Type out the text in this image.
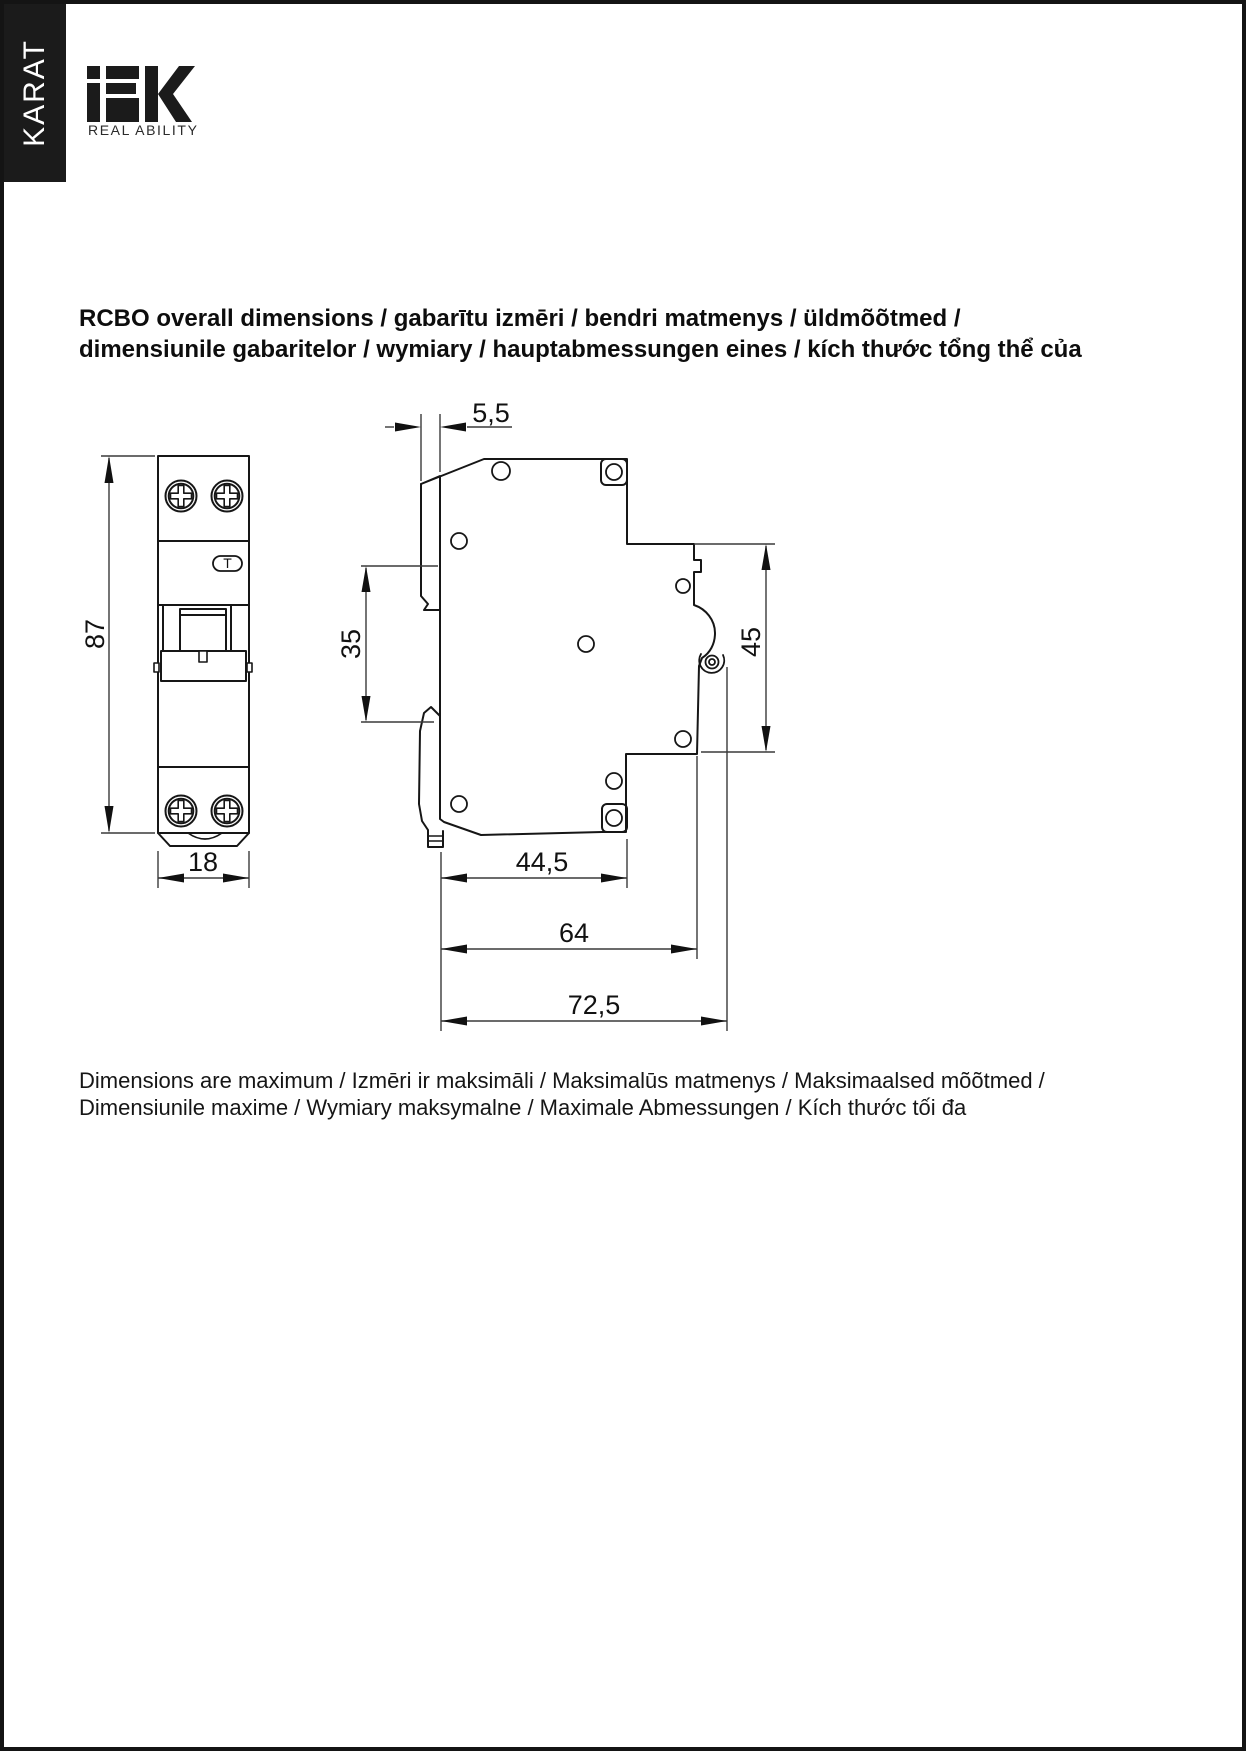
KARAT	REAL ABILITY
RCBO overall dimensions / gabarītu izmēri / bendri matmenys / üldmõõtmed /
dimensiunile gabaritelor / wymiary / hauptabmessungen eines / kích thước tổng thể của
T
87
18
5,5
35	45
44,5
64
72,5
Dimensions are maximum / Izmēri ir maksimāli / Maksimalūs matmenys / Maksimaalsed mõõtmed /
Dimensiunile maxime / Wymiary maksymalne / Maximale Abmessungen / Kích thước tối đa
